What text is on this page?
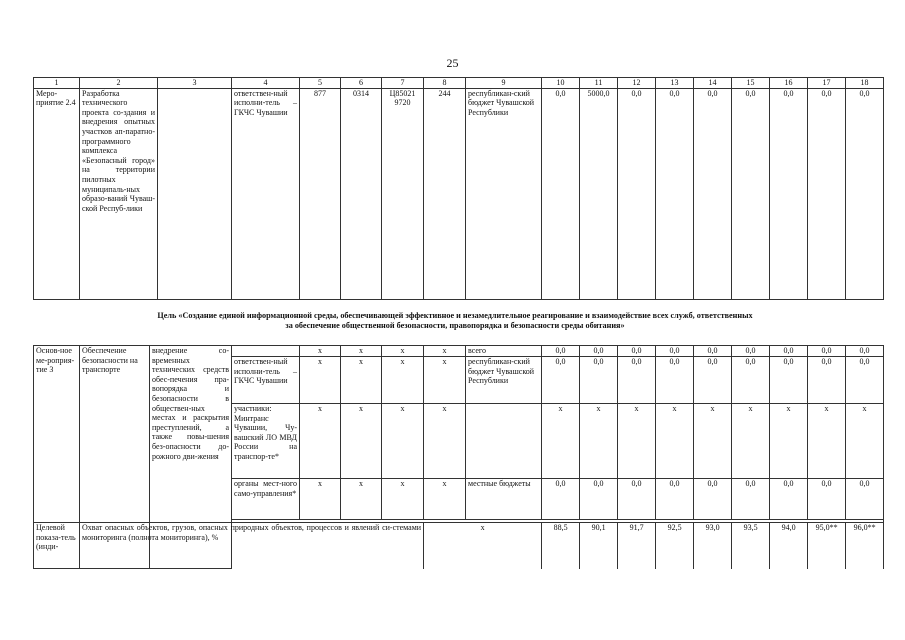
25
1	2	3	4	5	6	7	8	9	10	11	12	13	14	15	16	17	18
Меро-приятие 2.4	Разработка технического проекта со-здания и внедрения опытных участков ап-паратно-программного комплекса «Безопасный город» на территории пилотных муниципаль-ных образо-ваний Чуваш-ской Респуб-лики		ответствен-ный исполни-тель – ГКЧС Чувашии	877	0314	Ц85021 9720	244	республикан-ский бюджет Чувашской Республики	0,0	5000,0	0,0	0,0	0,0	0,0	0,0	0,0	0,0
Цель «Создание единой информационной среды, обеспечивающей эффективное и незамедлительное реагирование и взаимодействие всех служб, ответственных
за обеспечение общественной безопасности, правопорядка и безопасности среды обитания»
Основ-ное ме-роприя-тие 3	Обеспечение безопасности на транспорте	внедрение со-временных технических средств обес-печения пра-вопорядка и безопасности в обществен-ных местах и раскрытия преступлений, а также повы-шения без-опасности до-рожного дви-жения		х	х	х	х	всего	0,0	0,0	0,0	0,0	0,0	0,0	0,0	0,0	0,0
			ответствен-ный исполни-тель – ГКЧС Чувашии	х	х	х	х	республикан-ский бюджет Чувашской Республики	0,0	0,0	0,0	0,0	0,0	0,0	0,0	0,0	0,0
			участники: Минтранс Чувашии, Чу-вашский ЛО МВД России на транспор-те*	х	х	х	х		х	х	х	х	х	х	х	х	х
			органы мест-ного само-управления*	х	х	х	х	местные бюджеты	0,0	0,0	0,0	0,0	0,0	0,0	0,0	0,0	0,0

Целевой показа-тель (инди-	Охват опасных объектов, грузов, опасных природных объектов, процессов и явлений си-стемами мониторинга (полнота мониторинга), %	х	88,5	90,1	91,7	92,5	93,0	93,5	94,0	95,0**	96,0**
